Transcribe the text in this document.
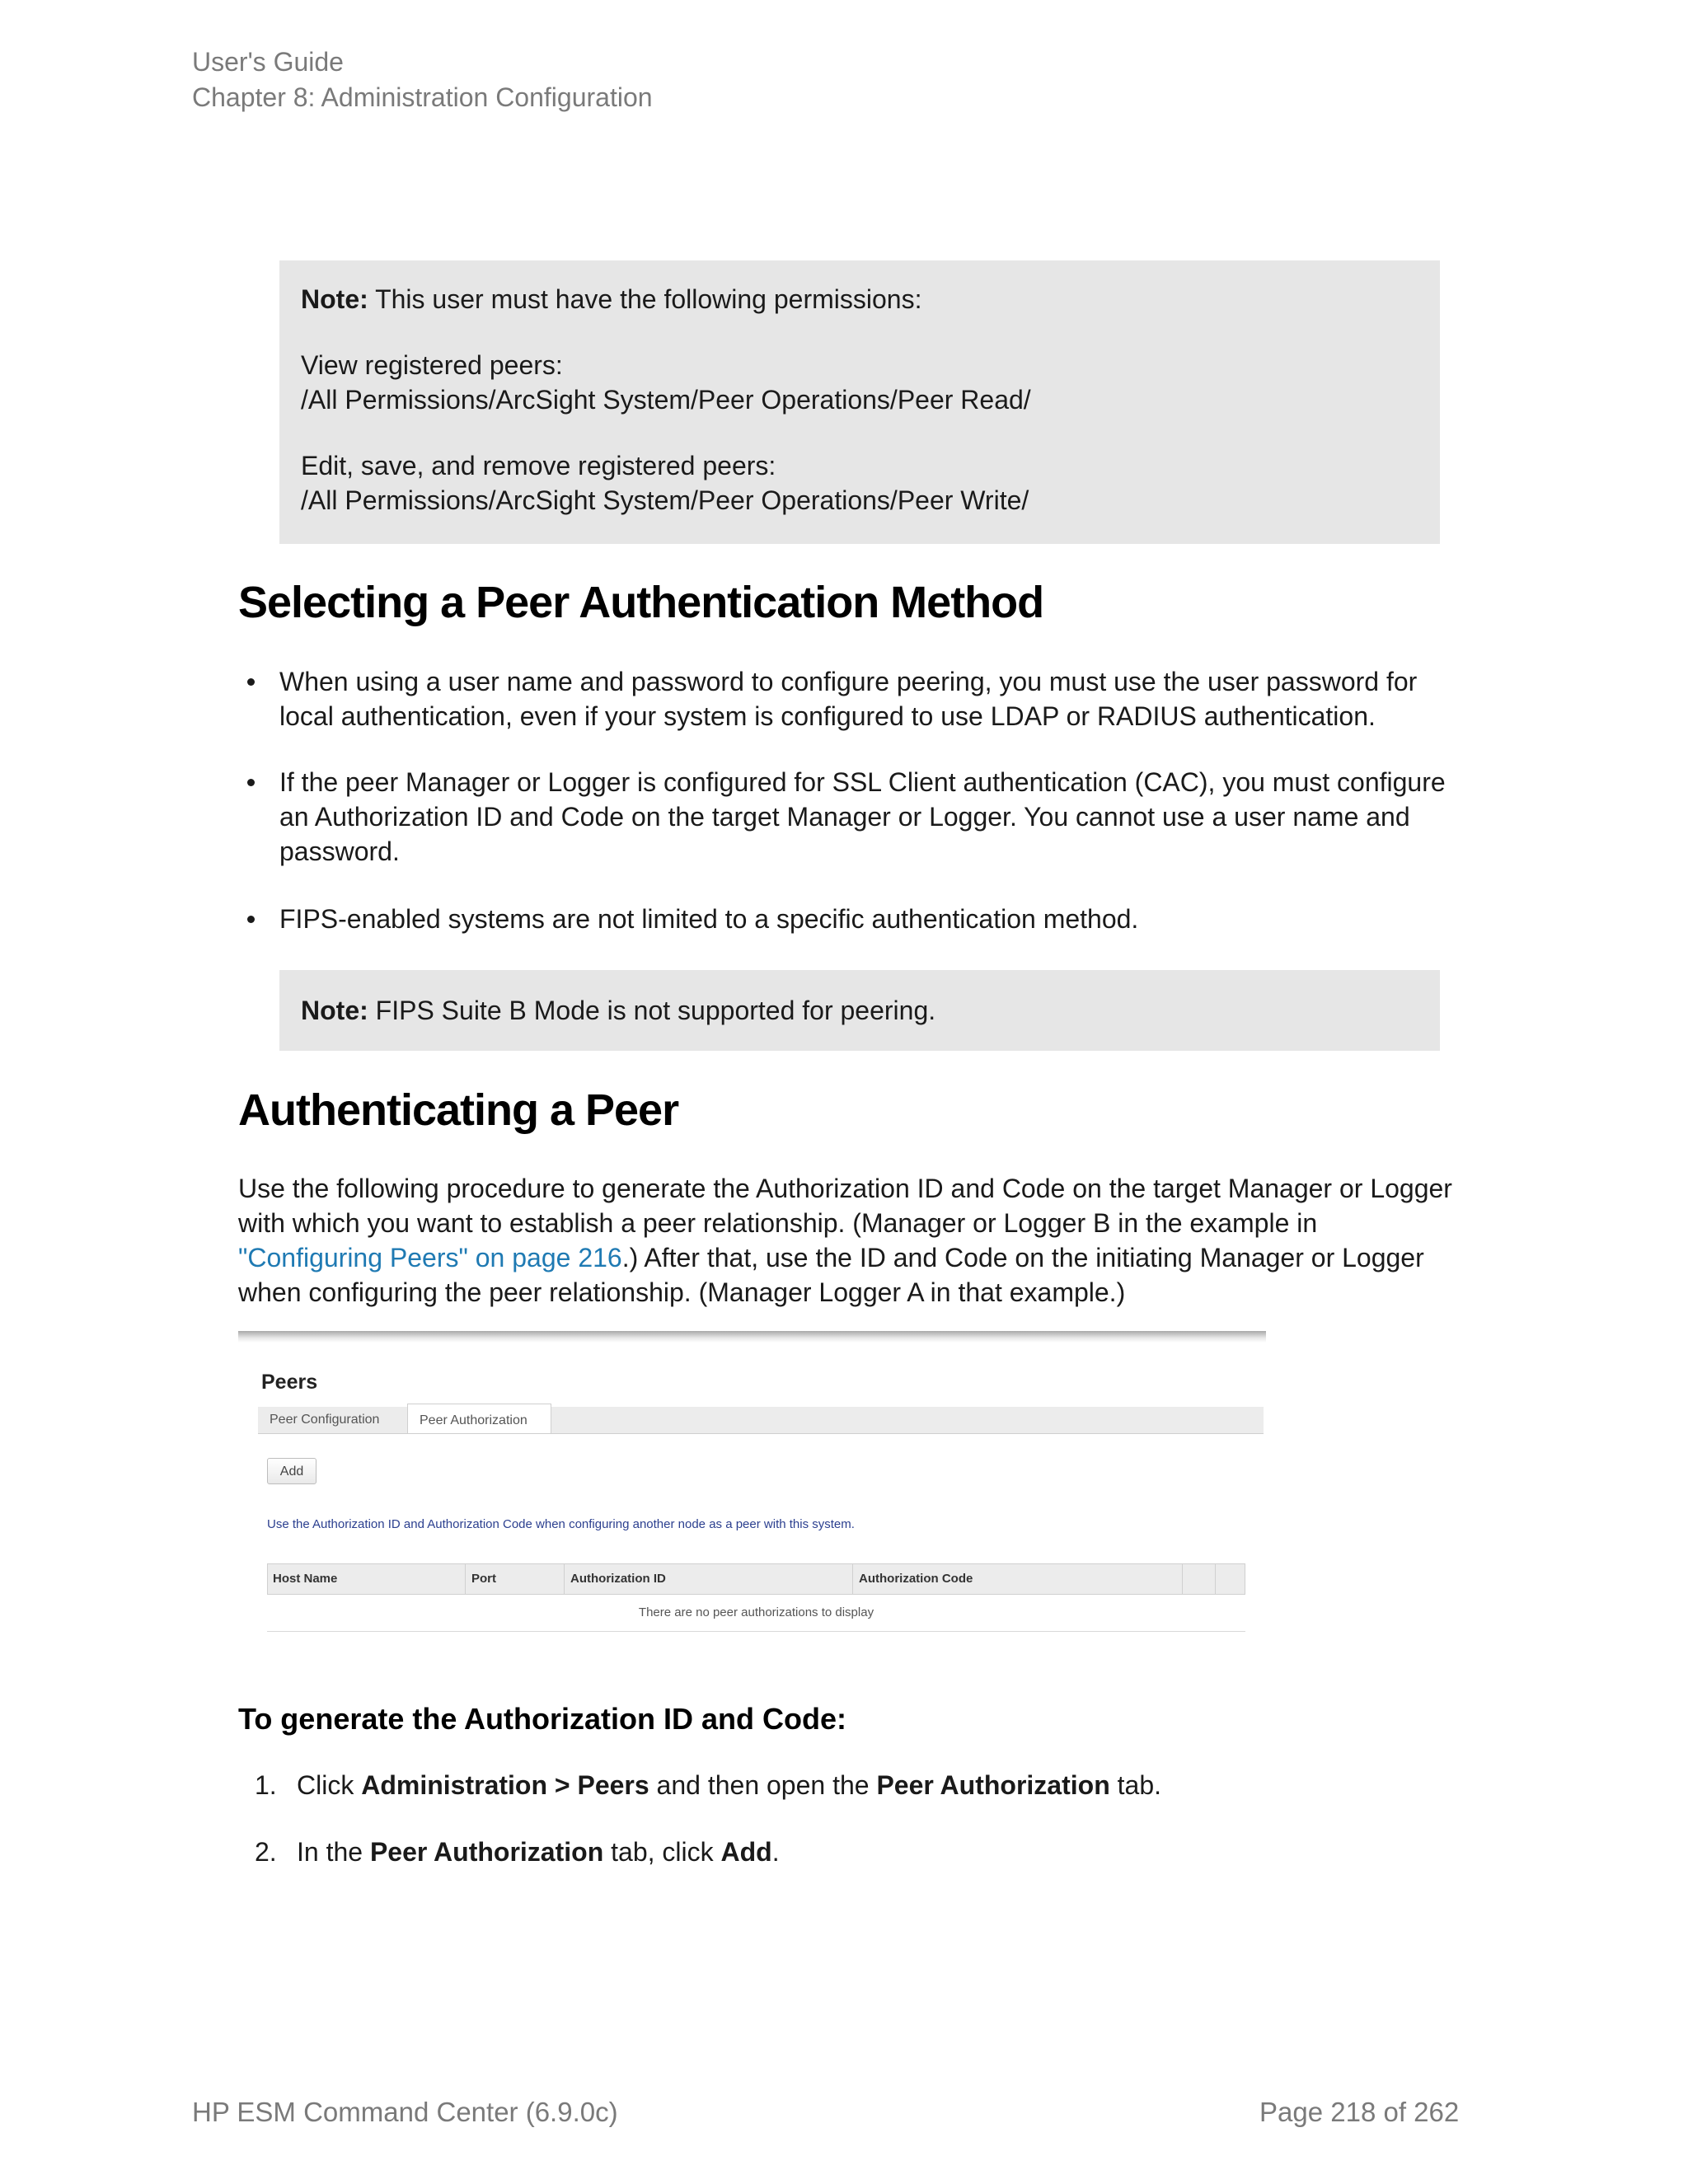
User's Guide
Chapter 8: Administration Configuration

Note: This user must have the following permissions:

View registered peers:

/All Permissions/ArcSight System/Peer Operations/Peer Read/

Edit, save, and remove registered peers:

/All Permissions/ArcSight System/Peer Operations/Peer Write/

Selecting a Peer Authentication Method
When using a user name and password to configure peering, you must use the user password for local authentication, even if your system is configured to use LDAP or RADIUS authentication.
If the peer Manager or Logger is configured for SSL Client authentication (CAC), you must configure an Authorization ID and Code on the target Manager or Logger. You cannot use a user name and password.
FIPS-enabled systems are not limited to a specific authentication method.
Note: FIPS Suite B Mode is not supported for peering.
Authenticating a Peer
Use the following procedure to generate the Authorization ID and Code on the target Manager or Logger with which you want to establish a peer relationship. (Manager or Logger B in the example in "Configuring Peers" on page 216.) After that, use the ID and Code on the initiating Manager or Logger when configuring the peer relationship. (Manager Logger A in that example.)
Peers
Peer Configuration	Peer Authorization
Add
Use the Authorization ID and Authorization Code when configuring another node as a peer with this system.
Host Name	Port	Authorization ID	Authorization Code
There are no peer authorizations to display
To generate the Authorization ID and Code:
1. Click Administration > Peers and then open the Peer Authorization tab.
2. In the Peer Authorization tab, click Add.
HP ESM Command Center (6.9.0c)	Page 218 of 262
